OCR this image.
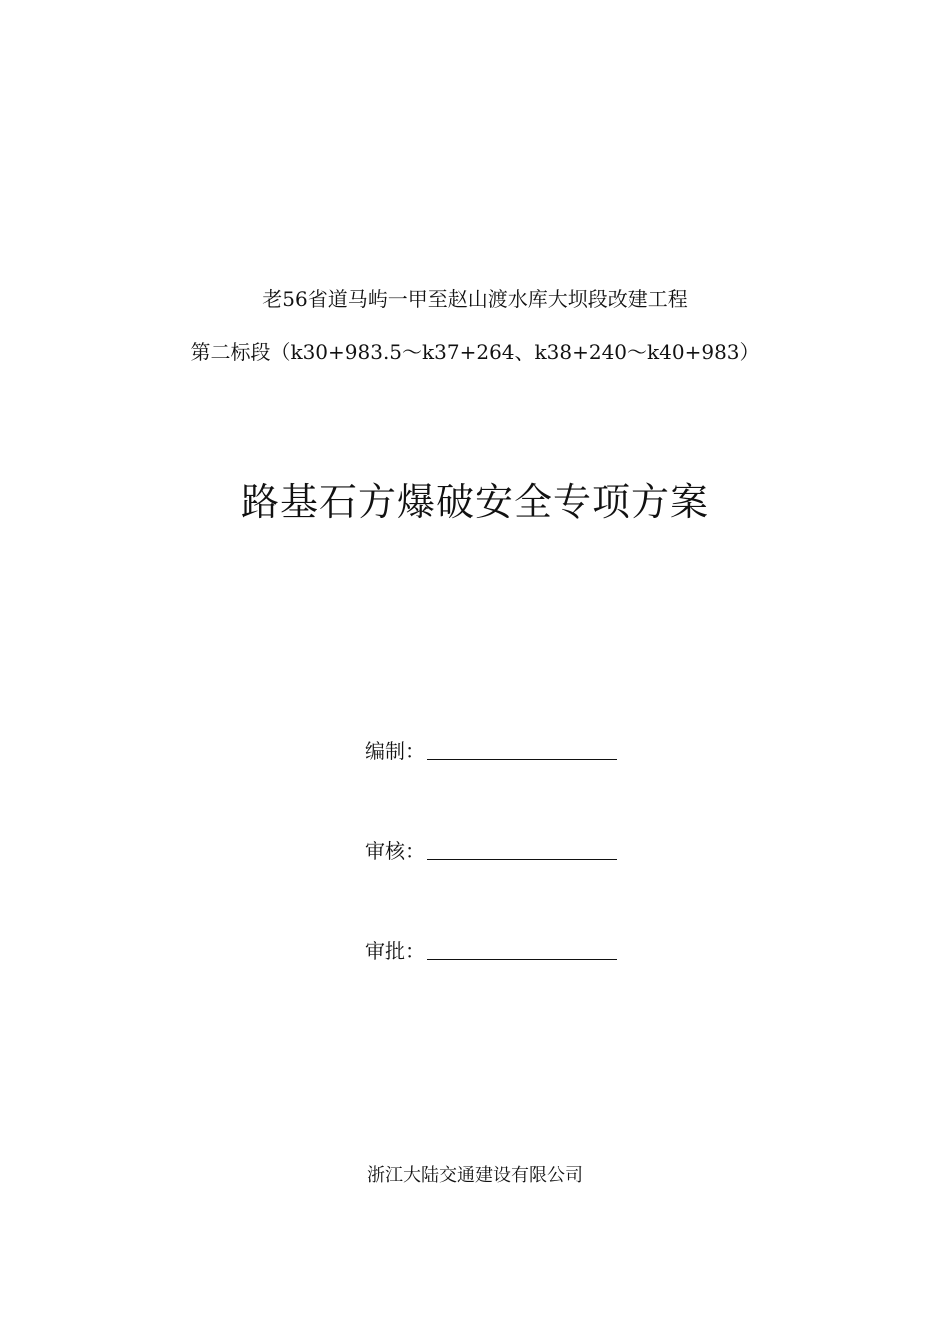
老56省道马屿一甲至赵山渡水库大坝段改建工程
第二标段（k30+983.5～k37+264、k38+240～k40+983）
路基石方爆破安全专项方案
编制：
审核：
审批：
浙江大陆交通建设有限公司
